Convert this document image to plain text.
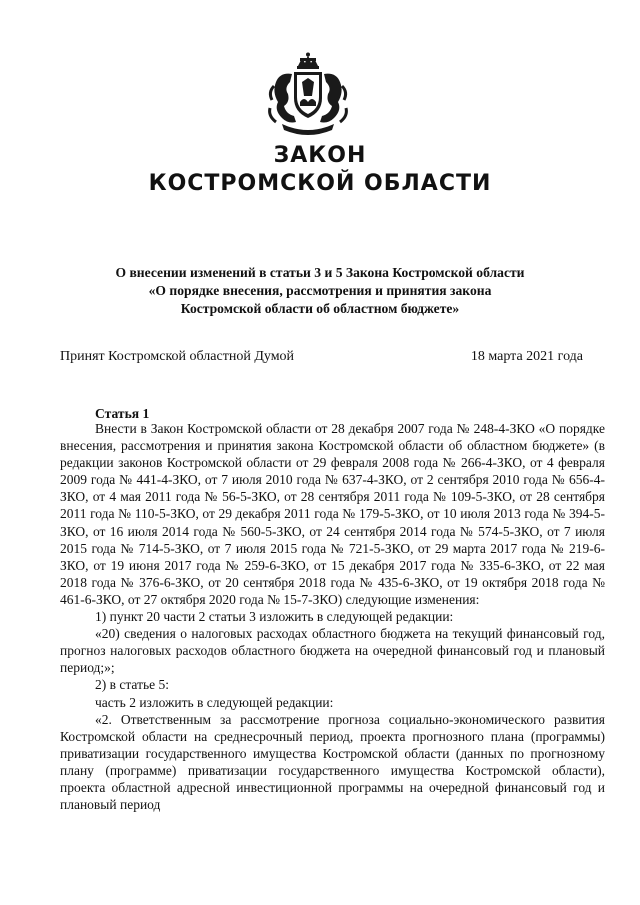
ЗАКОН
КОСТРОМСКОЙ ОБЛАСТИ
О внесении изменений в статьи 3 и 5 Закона Костромской области
«О порядке внесения, рассмотрения и принятия закона
Костромской области об областном бюджете»
Принят Костромской областной Думой	18 марта 2021 года
Статья 1

Внести в Закон Костромской области от 28 декабря 2007 года № 248-4-ЗКО «О порядке внесения, рассмотрения и принятия закона Костромской области об областном бюджете» (в редакции законов Костромской области от 29 февраля 2008 года № 266-4-ЗКО, от 4 февраля 2009 года № 441-4-ЗКО, от 7 июля 2010 года № 637-4-ЗКО, от 2 сентября 2010 года № 656-4-ЗКО, от 4 мая 2011 года № 56-5-ЗКО, от 28 сентября 2011 года № 109-5-ЗКО, от 28 сентября 2011 года № 110-5-ЗКО, от 29 декабря 2011 года № 179-5-ЗКО, от 10 июля 2013 года № 394-5-ЗКО, от 16 июля 2014 года № 560-5-ЗКО, от 24 сентября 2014 года № 574-5-ЗКО, от 7 июля 2015 года № 714-5-ЗКО, от 7 июля 2015 года № 721-5-ЗКО, от 29 марта 2017 года № 219-6-ЗКО, от 19 июня 2017 года № 259-6-ЗКО, от 15 декабря 2017 года № 335-6-ЗКО, от 22 мая 2018 года № 376-6-ЗКО, от 20 сентября 2018 года № 435-6-ЗКО, от 19 октября 2018 года № 461-6-ЗКО, от 27 октября 2020 года № 15-7-ЗКО) следующие изменения:

1) пункт 20 части 2 статьи 3 изложить в следующей редакции:

«20) сведения о налоговых расходах областного бюджета на текущий финансовый год, прогноз налоговых расходов областного бюджета на очередной финансовый год и плановый период;»;

2) в статье 5:

часть 2 изложить в следующей редакции:

«2. Ответственным за рассмотрение прогноза социально-экономического развития Костромской области на среднесрочный период, проекта прогнозного плана (программы) приватизации государственного имущества Костромской области (данных по прогнозному плану (программе) приватизации государственного имущества Костромской области), проекта областной адресной инвестиционной программы на очередной финансовый год и плановый период
